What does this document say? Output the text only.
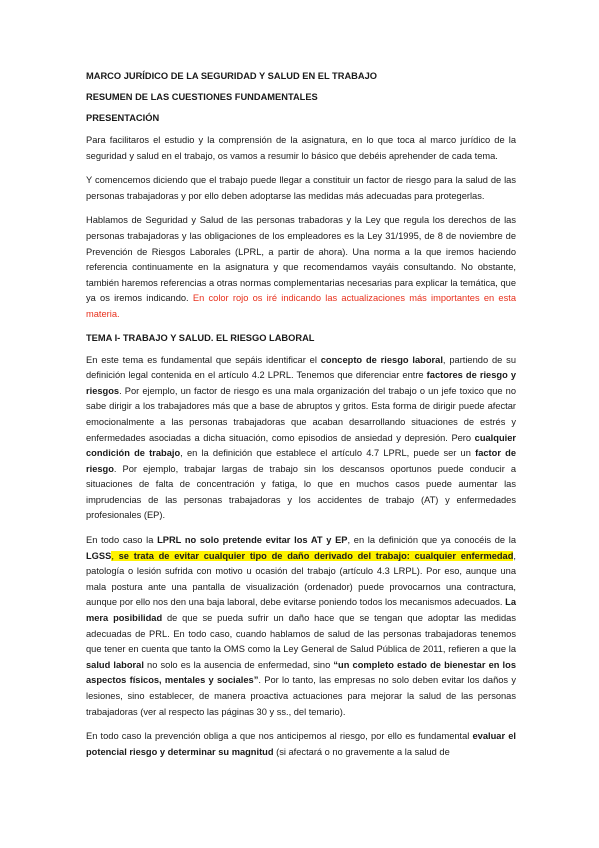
MARCO JURÍDICO DE LA SEGURIDAD Y SALUD EN EL TRABAJO
RESUMEN DE LAS CUESTIONES FUNDAMENTALES
PRESENTACIÓN

Para facilitaros el estudio y la comprensión de la asignatura, en lo que toca al marco jurídico de la seguridad y salud en el trabajo, os vamos a resumir lo básico que debéis aprehender de cada tema.

Y comencemos diciendo que el trabajo puede llegar a constituir un factor de riesgo para la salud de las personas trabajadoras y por ello deben adoptarse las medidas más adecuadas para protegerlas.

Hablamos de Seguridad y Salud de las personas trabadoras y la Ley que regula los derechos de las personas trabajadoras y las obligaciones de los empleadores es la Ley 31/1995, de 8 de noviembre de Prevención de Riesgos Laborales (LPRL, a partir de ahora). Una norma a la que iremos haciendo referencia continuamente en la asignatura y que recomendamos vayáis consultando. No obstante, también haremos referencias a otras normas complementarias necesarias para explicar la temática, que ya os iremos indicando. En color rojo os iré indicando las actualizaciones más importantes en esta materia.

TEMA I- TRABAJO Y SALUD. EL RIESGO LABORAL

En este tema es fundamental que sepáis identificar el concepto de riesgo laboral, partiendo de su definición legal contenida en el artículo 4.2 LPRL. Tenemos que diferenciar entre factores de riesgo y riesgos. Por ejemplo, un factor de riesgo es una mala organización del trabajo o un jefe toxico que no sabe dirigir a los trabajadores más que a base de abruptos y gritos. Esta forma de dirigir puede afectar emocionalmente a las personas trabajadoras que acaban desarrollando situaciones de estrés y enfermedades asociadas a dicha situación, como episodios de ansiedad y depresión. Pero cualquier condición de trabajo, en la definición que establece el artículo 4.7 LPRL, puede ser un factor de riesgo. Por ejemplo, trabajar largas de trabajo sin los descansos oportunos puede conducir a situaciones de falta de concentración y fatiga, lo que en muchos casos puede aumentar las imprudencias de las personas trabajadoras y los accidentes de trabajo (AT) y enfermedades profesionales (EP).

En todo caso la LPRL no solo pretende evitar los AT y EP, en la definición que ya conocéis de la LGSS, se trata de evitar cualquier tipo de daño derivado del trabajo: cualquier enfermedad, patología o lesión sufrida con motivo u ocasión del trabajo (artículo 4.3 LRPL). Por eso, aunque una mala postura ante una pantalla de visualización (ordenador) puede provocarnos una contractura, aunque por ello nos den una baja laboral, debe evitarse poniendo todos los mecanismos adecuados. La mera posibilidad de que se pueda sufrir un daño hace que se tengan que adoptar las medidas adecuadas de PRL. En todo caso, cuando hablamos de salud de las personas trabajadoras tenemos que tener en cuenta que tanto la OMS como la Ley General de Salud Pública de 2011, refieren a que la salud laboral no solo es la ausencia de enfermedad, sino “un completo estado de bienestar en los aspectos físicos, mentales y sociales”. Por lo tanto, las empresas no solo deben evitar los daños y lesiones, sino establecer, de manera proactiva actuaciones para mejorar la salud de las personas trabajadoras (ver al respecto las páginas 30 y ss., del temario).

En todo caso la prevención obliga a que nos anticipemos al riesgo, por ello es fundamental evaluar el potencial riesgo y determinar su magnitud (si afectará o no gravemente a la salud de
